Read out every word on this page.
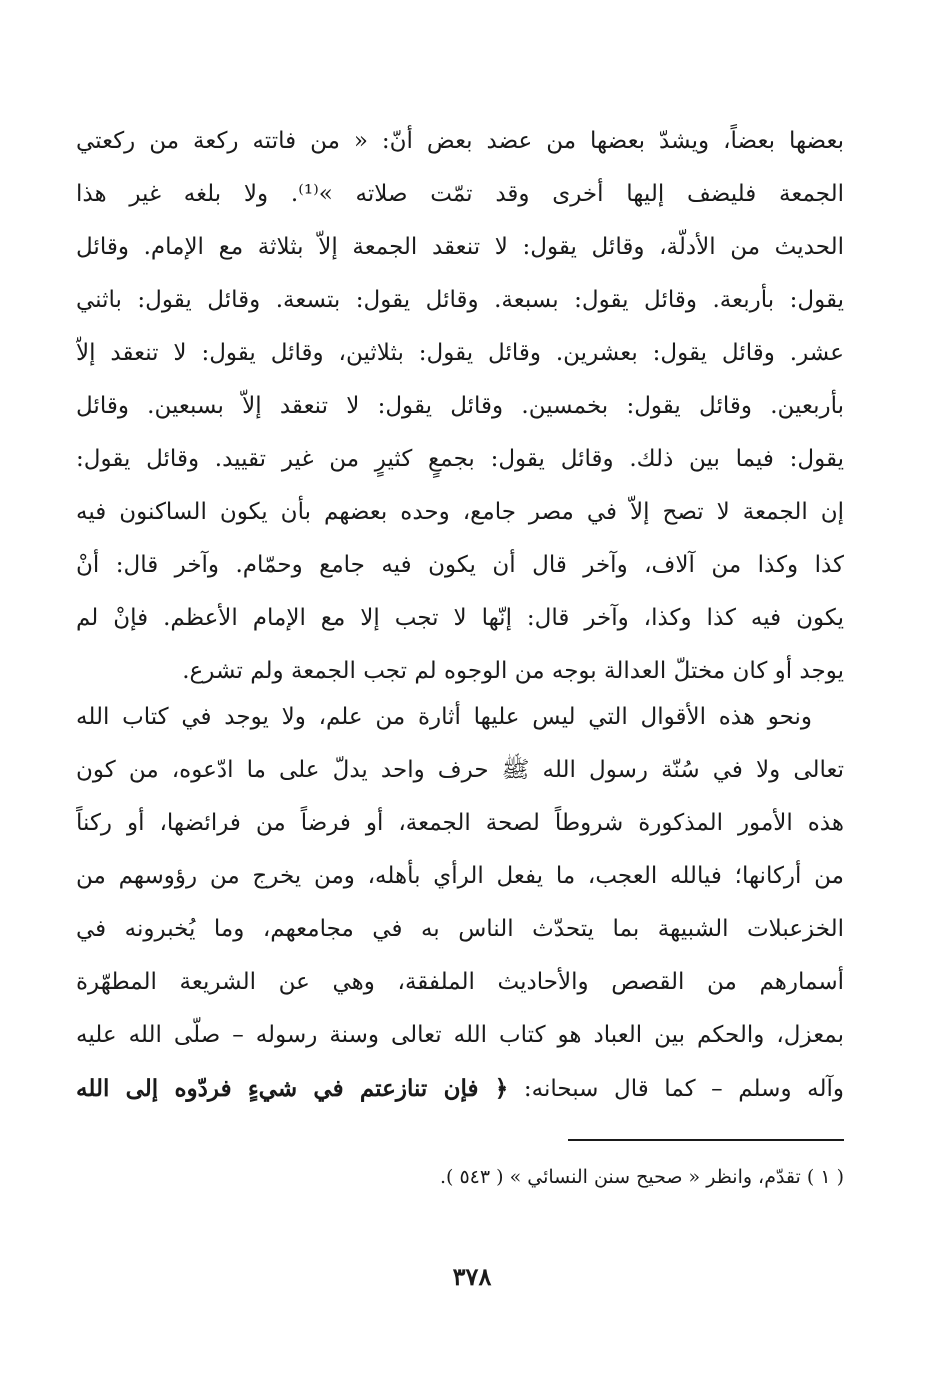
بعضها بعضاً، ويشدّ بعضها من عضد بعض أنّ: « من فاتته ركعة من ركعتي
الجمعة فليضف إليها أخرى وقد تمّت صلاته »⁽¹⁾. ولا بلغه غير هذا
الحديث من الأدلّة، وقائل يقول: لا تنعقد الجمعة إلاّ بثلاثة مع الإمام. وقائل
يقول: بأربعة. وقائل يقول: بسبعة. وقائل يقول: بتسعة. وقائل يقول: باثني
عشر. وقائل يقول: بعشرين. وقائل يقول: بثلاثين، وقائل يقول: لا تنعقد إلاّ
بأربعين. وقائل يقول: بخمسين. وقائل يقول: لا تنعقد إلاّ بسبعين. وقائل
يقول: فيما بين ذلك. وقائل يقول: بجمعٍ كثيرٍ من غير تقييد. وقائل يقول:
إن الجمعة لا تصح إلاّ في مصر جامع، وحده بعضهم بأن يكون الساكنون فيه
كذا وكذا من آلاف، وآخر قال أن يكون فيه جامع وحمّام. وآخر قال: أنْ
يكون فيه كذا وكذا، وآخر قال: إنّها لا تجب إلا مع الإمام الأعظم. فإنْ لم
يوجد أو كان مختلّ العدالة بوجه من الوجوه لم تجب الجمعة ولم تشرع.
ونحو هذه الأقوال التي ليس عليها أثارة من علم، ولا يوجد في كتاب الله
تعالى ولا في سُنّة رسول الله ﷺ حرف واحد يدلّ على ما ادّعوه، من كون
هذه الأمور المذكورة شروطاً لصحة الجمعة، أو فرضاً من فرائضها، أو ركناً
من أركانها؛ فيالله العجب، ما يفعل الرأي بأهله، ومن يخرج من رؤوسهم من
الخزعبلات الشبيهة بما يتحدّث الناس به في مجامعهم، وما يُخبرونه في
أسمارهم من القصص والأحاديث الملفقة، وهي عن الشريعة المطهّرة
بمعزل، والحكم بين العباد هو كتاب الله تعالى وسنة رسوله – صلّى الله عليه
وآله وسلم – كما قال سبحانه: ﴿ فإن تنازعتم في شيءٍ فردّوه إلى الله
( ١ ) تقدّم، وانظر « صحيح سنن النسائي » ( ٥٤٣ ).
٣٧٨
